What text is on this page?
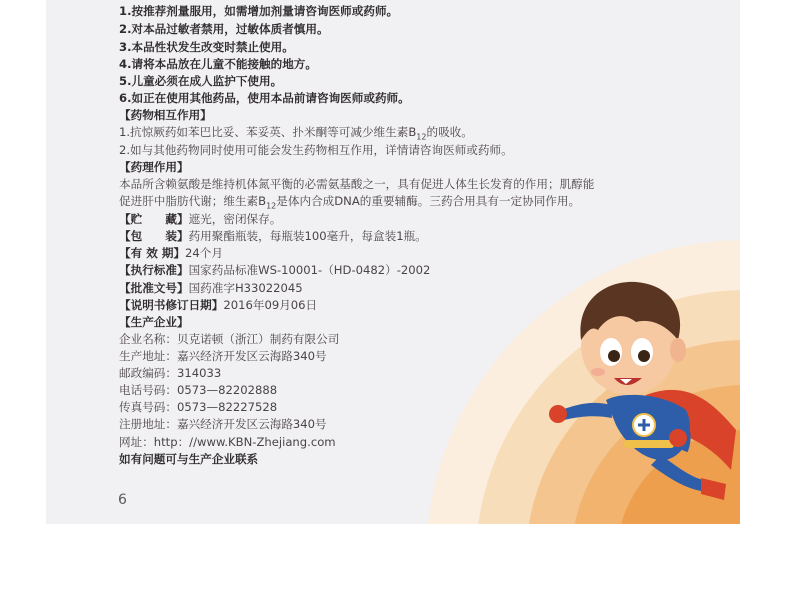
1.按推荐剂量服用，如需增加剂量请咨询医师或药师。
2.对本品过敏者禁用，过敏体质者慎用。
3.本品性状发生改变时禁止使用。
4.请将本品放在儿童不能接触的地方。
5.儿童必须在成人监护下使用。
6.如正在使用其他药品，使用本品前请咨询医师或药师。
【药物相互作用】
1.抗惊厥药如苯巴比妥、苯妥英、扑米酮等可减少维生素$B_{12}$的吸收。
2.如与其他药物同时使用可能会发生药物相互作用，详情请咨询医师或药师。
【药理作用】
本品所含赖氨酸是维持机体氮平衡的必需氨基酸之一，具有促进人体生长发育的作用；肌醇能
促进肝中脂肪代谢；维生素$B_{12}$是体内合成DNA的重要辅酶。三药合用具有一定协同作用。
【贮　　藏】遮光，密闭保存。
【包　　装】药用聚酯瓶装，每瓶装100毫升，每盒装1瓶。
【有 效 期】24个月
【执行标准】国家药品标准WS-10001-（HD-0482）-2002
【批准文号】国药准字H33022045
【说明书修订日期】2016年09月06日
【生产企业】
企业名称：贝克诺顿（浙江）制药有限公司
生产地址：嘉兴经济开发区云海路340号
邮政编码：314033
电话号码：0573—82202888
传真号码：0573—82227528
注册地址：嘉兴经济开发区云海路340号
网址：http：//www.KBN-Zhejiang.com
如有问题可与生产企业联系
6
